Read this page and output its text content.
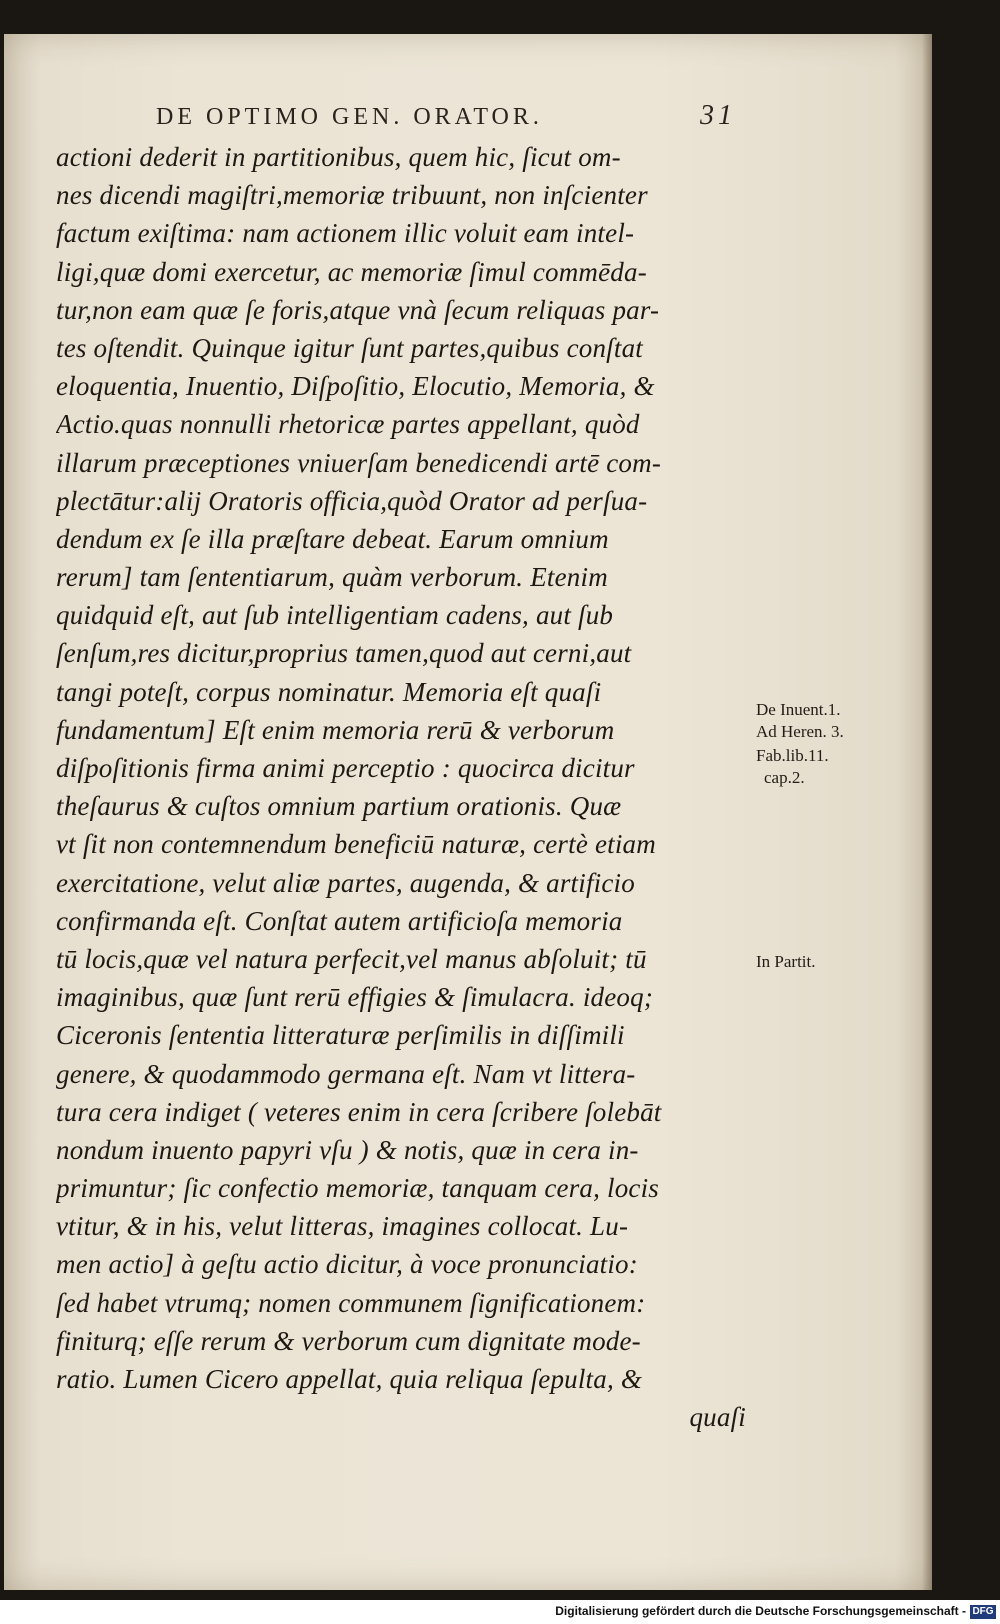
DE OPTIMO GEN. ORATOR.	31
actioni dederit in partitionibus, quem hic, ſicut om-
nes dicendi magiſtri,memoriæ tribuunt, non inſcienter
factum exiſtima: nam actionem illic voluit eam intel-
ligi,quæ domi exercetur, ac memoriæ ſimul commēda-
tur,non eam quæ ſe foris,atque vnà ſecum reliquas par-
tes oſtendit. Quinque igitur ſunt partes,quibus conſtat
eloquentia, Inuentio, Diſpoſitio, Elocutio, Memoria, &
Actio.quas nonnulli rhetoricæ partes appellant, quòd
illarum præceptiones vniuerſam benedicendi artē com-
plectātur:alij Oratoris officia,quòd Orator ad perſua-
dendum ex ſe illa præſtare debeat. Earum omnium
rerum] tam ſententiarum, quàm verborum. Etenim
quidquid eſt, aut ſub intelligentiam cadens, aut ſub
ſenſum,res dicitur,proprius tamen,quod aut cerni,aut
tangi poteſt, corpus nominatur. Memoria eſt quaſi
fundamentum] Eſt enim memoria rerū & verborum
diſpoſitionis firma animi perceptio : quocirca dicitur
theſaurus & cuſtos omnium partium orationis. Quæ
vt ſit non contemnendum beneficiū naturæ, certè etiam
exercitatione, velut aliæ partes, augenda, & artificio
confirmanda eſt. Conſtat autem artificioſa memoria
tū locis,quæ vel natura perfecit,vel manus abſoluit; tū
imaginibus, quæ ſunt rerū effigies & ſimulacra. ideoq;
Ciceronis ſententia litteraturæ perſimilis in diſſimili
genere, & quodammodo germana eſt. Nam vt littera-
tura cera indiget ( veteres enim in cera ſcribere ſolebāt
nondum inuento papyri vſu ) & notis, quæ in cera in-
primuntur; ſic confectio memoriæ, tanquam cera, locis
vtitur, & in his, velut litteras, imagines collocat. Lu-
men actio] à geſtu actio dicitur, à voce pronunciatio:
ſed habet vtrumq; nomen communem ſignificationem:
finiturq; eſſe rerum & verborum cum dignitate mode-
ratio. Lumen Cicero appellat, quia reliqua ſepulta, &
quaſi
De Inuent.1.
Ad Heren. 3.
Fab.lib.11.
cap.2.
In Partit.
Digitalisierung gefördert durch die Deutsche Forschungsgemeinschaft - DFG
